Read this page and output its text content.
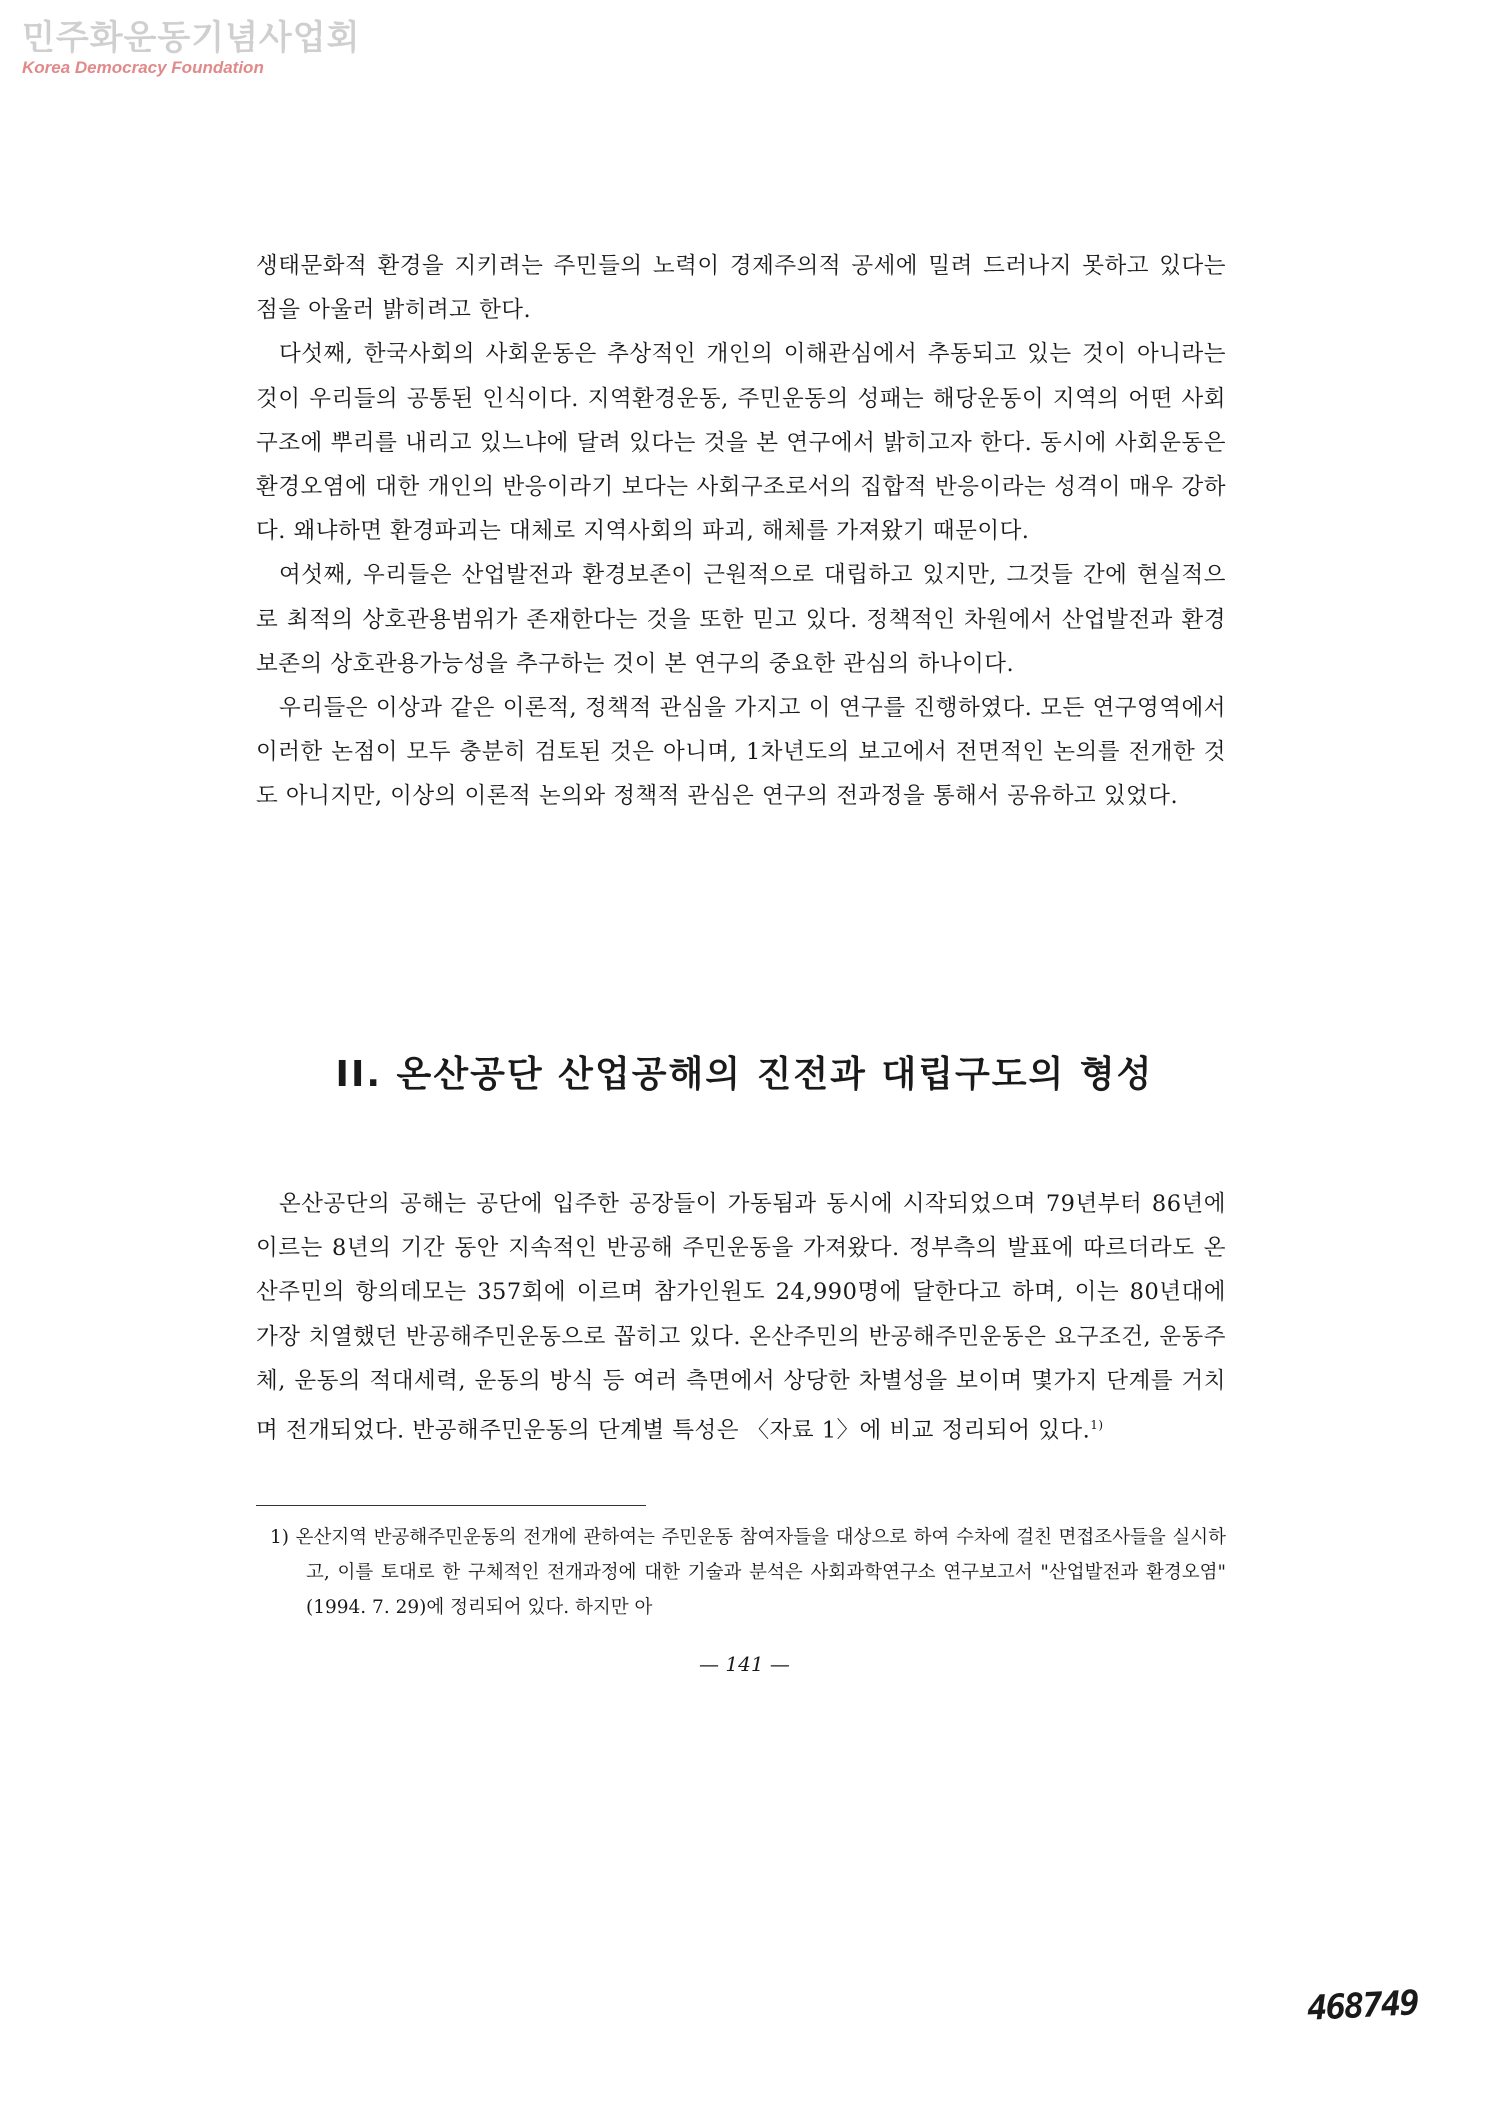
민주화운동기념사업회
Korea Democracy Foundation

생태문화적 환경을 지키려는 주민들의 노력이 경제주의적 공세에 밀려 드러나지 못하고 있다는 점을 아울러 밝히려고 한다.

다섯째, 한국사회의 사회운동은 추상적인 개인의 이해관심에서 추동되고 있는 것이 아니라는 것이 우리들의 공통된 인식이다. 지역환경운동, 주민운동의 성패는 해당운동이 지역의 어떤 사회구조에 뿌리를 내리고 있느냐에 달려 있다는 것을 본 연구에서 밝히고자 한다. 동시에 사회운동은 환경오염에 대한 개인의 반응이라기 보다는 사회구조로서의 집합적 반응이라는 성격이 매우 강하다. 왜냐하면 환경파괴는 대체로 지역사회의 파괴, 해체를 가져왔기 때문이다.

여섯째, 우리들은 산업발전과 환경보존이 근원적으로 대립하고 있지만, 그것들 간에 현실적으로 최적의 상호관용범위가 존재한다는 것을 또한 믿고 있다. 정책적인 차원에서 산업발전과 환경보존의 상호관용가능성을 추구하는 것이 본 연구의 중요한 관심의 하나이다.

우리들은 이상과 같은 이론적, 정책적 관심을 가지고 이 연구를 진행하였다. 모든 연구영역에서 이러한 논점이 모두 충분히 검토된 것은 아니며, 1차년도의 보고에서 전면적인 논의를 전개한 것도 아니지만, 이상의 이론적 논의와 정책적 관심은 연구의 전과정을 통해서 공유하고 있었다.

II. 온산공단 산업공해의 진전과 대립구도의 형성

온산공단의 공해는 공단에 입주한 공장들이 가동됨과 동시에 시작되었으며 79년부터 86년에 이르는 8년의 기간 동안 지속적인 반공해 주민운동을 가져왔다. 정부측의 발표에 따르더라도 온산주민의 항의데모는 357회에 이르며 참가인원도 24,990명에 달한다고 하며, 이는 80년대에 가장 치열했던 반공해주민운동으로 꼽히고 있다. 온산주민의 반공해주민운동은 요구조건, 운동주체, 운동의 적대세력, 운동의 방식 등 여러 측면에서 상당한 차별성을 보이며 몇가지 단계를 거치며 전개되었다. 반공해주민운동의 단계별 특성은 〈자료 1〉에 비교 정리되어 있다.$^{1)}$

1) 온산지역 반공해주민운동의 전개에 관하여는 주민운동 참여자들을 대상으로 하여 수차에 걸친 면접조사들을 실시하고, 이를 토대로 한 구체적인 전개과정에 대한 기술과 분석은 사회과학연구소 연구보고서 "산업발전과 환경오염"(1994. 7. 29)에 정리되어 있다. 하지만 아

— 141 —
468749
